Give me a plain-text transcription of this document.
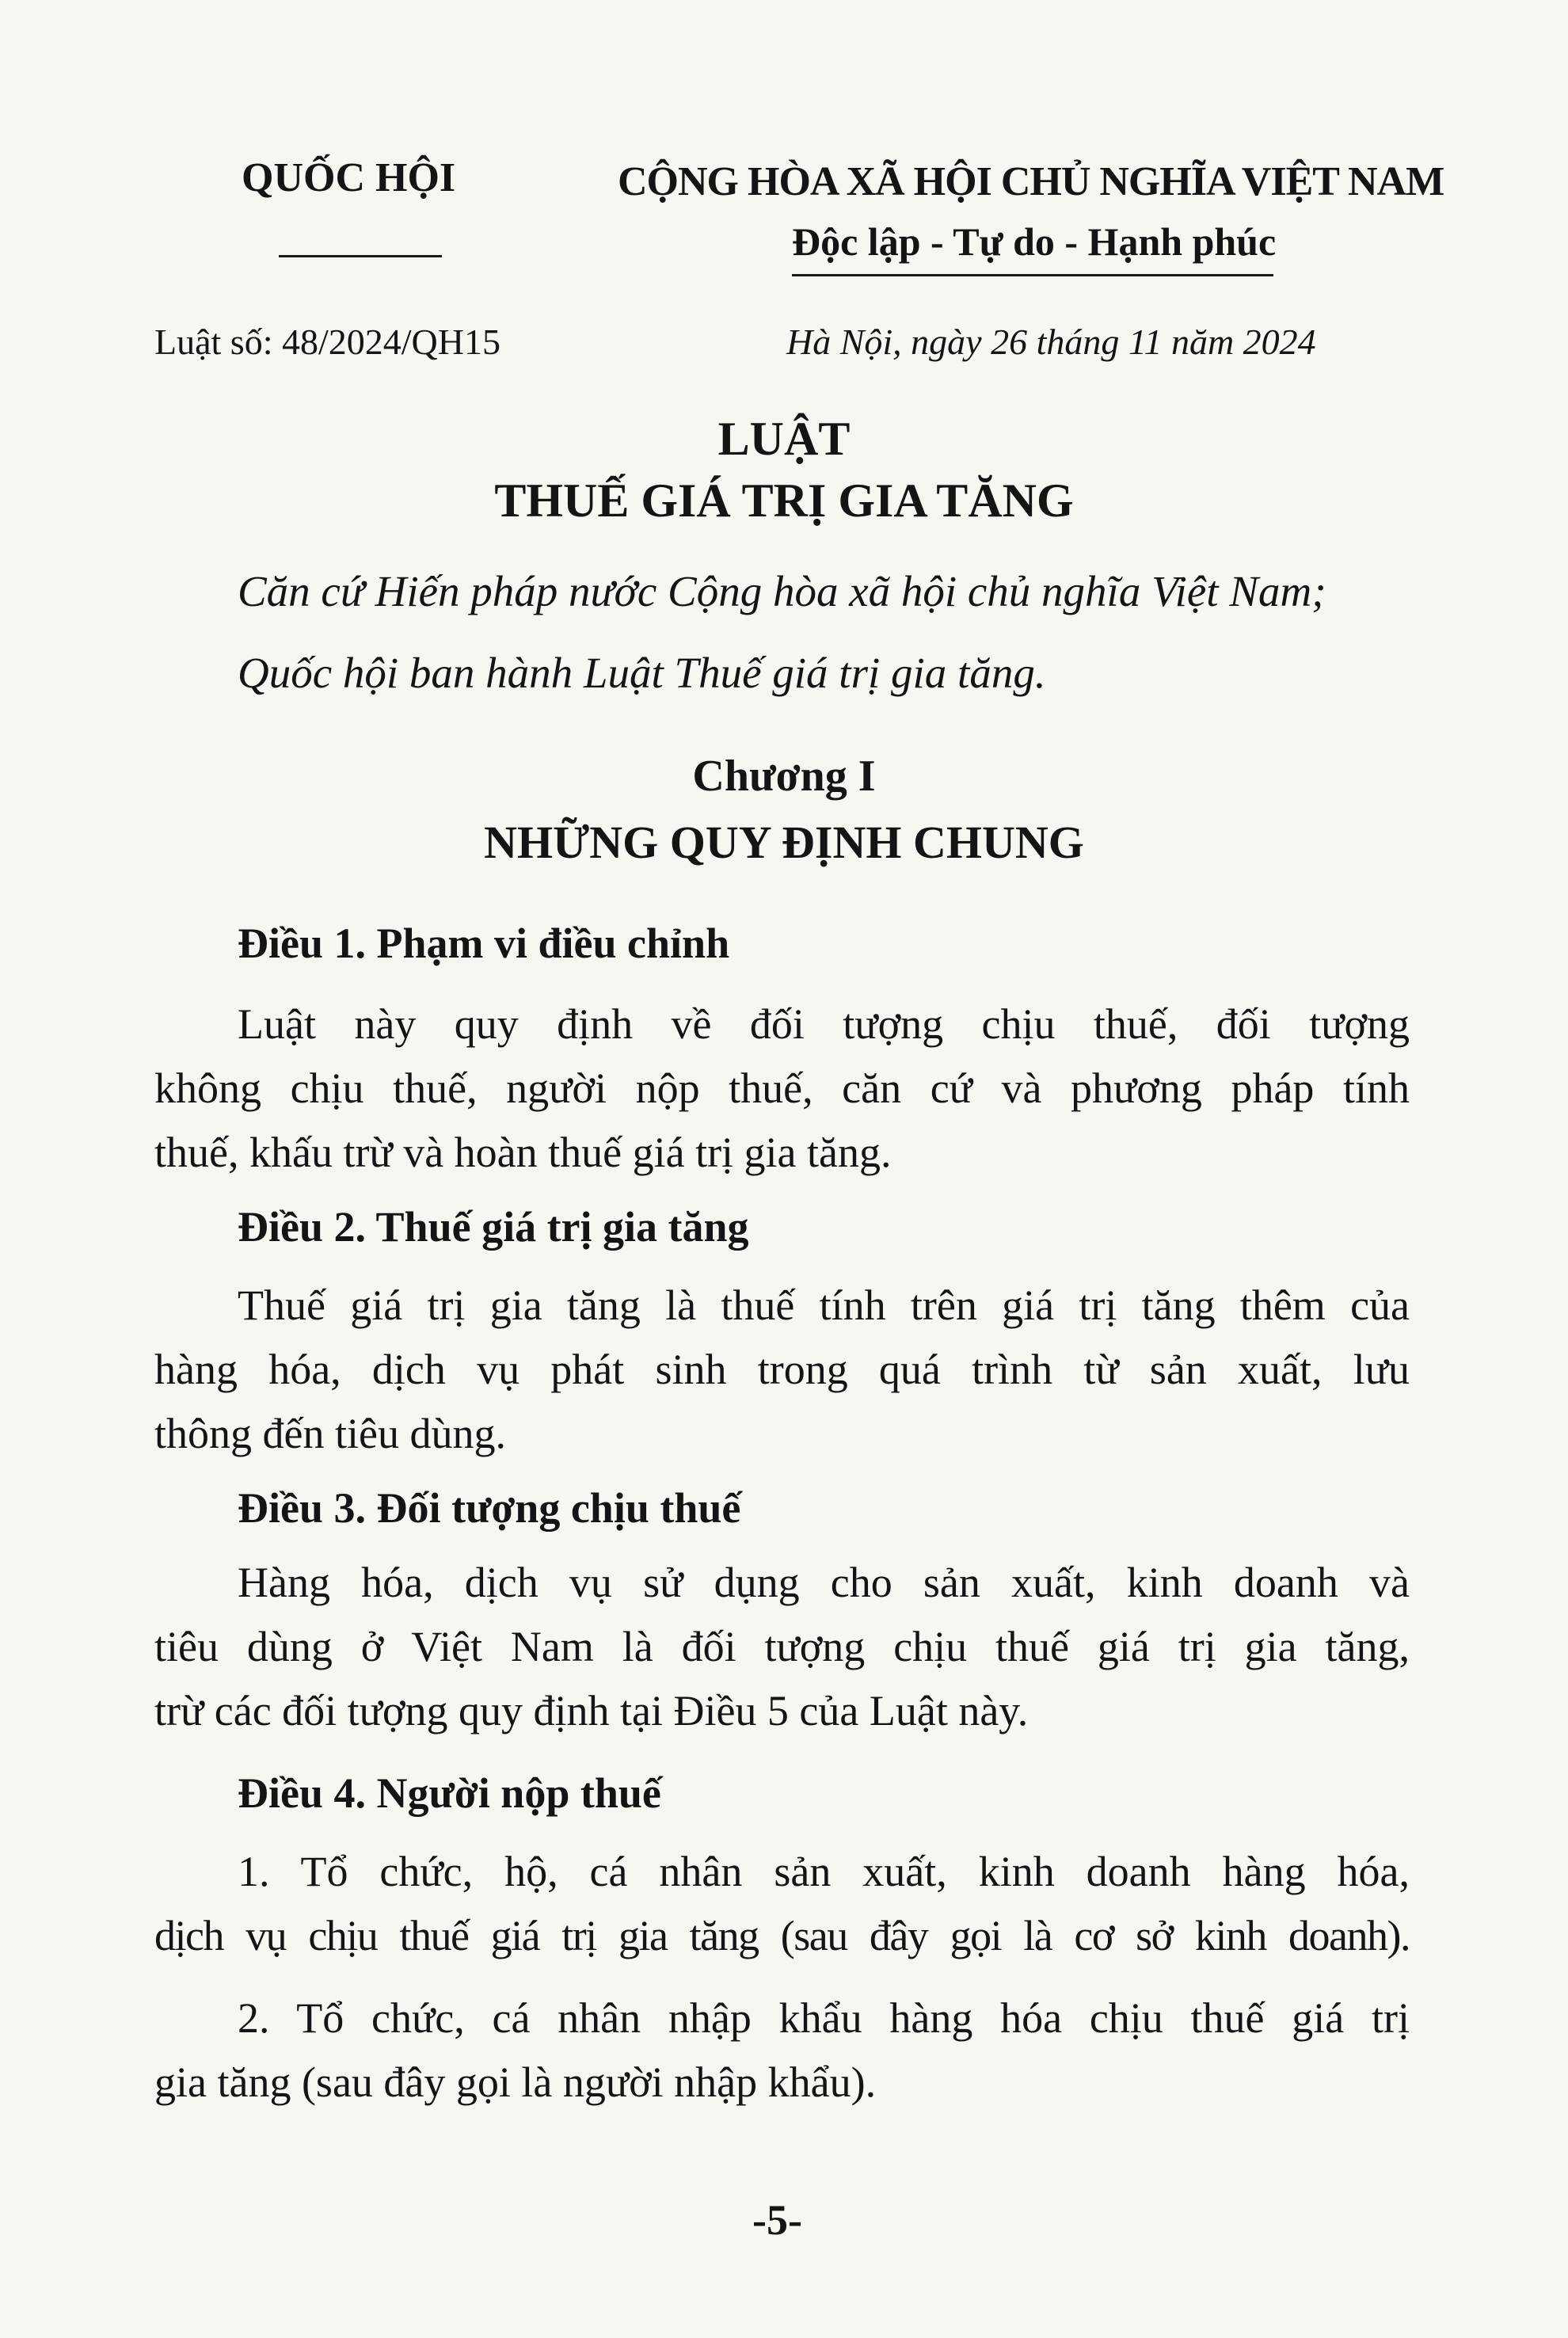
QUỐC HỘI	CỘNG HÒA XÃ HỘI CHỦ NGHĨA VIỆT NAM
Độc lập - Tự do - Hạnh phúc
Luật số: 48/2024/QH15	Hà Nội, ngày 26 tháng 11 năm 2024
LUẬT
THUẾ GIÁ TRỊ GIA TĂNG
Căn cứ Hiến pháp nước Cộng hòa xã hội chủ nghĩa Việt Nam;
Quốc hội ban hành Luật Thuế giá trị gia tăng.
Chương I
NHỮNG QUY ĐỊNH CHUNG
Điều 1. Phạm vi điều chỉnh
Luật này quy định về đối tượng chịu thuế, đối tượng
không chịu thuế, người nộp thuế, căn cứ và phương pháp tính
thuế, khấu trừ và hoàn thuế giá trị gia tăng.
Điều 2. Thuế giá trị gia tăng
Thuế giá trị gia tăng là thuế tính trên giá trị tăng thêm của
hàng hóa, dịch vụ phát sinh trong quá trình từ sản xuất, lưu
thông đến tiêu dùng.
Điều 3. Đối tượng chịu thuế
Hàng hóa, dịch vụ sử dụng cho sản xuất, kinh doanh và
tiêu dùng ở Việt Nam là đối tượng chịu thuế giá trị gia tăng,
trừ các đối tượng quy định tại Điều 5 của Luật này.
Điều 4. Người nộp thuế
1. Tổ chức, hộ, cá nhân sản xuất, kinh doanh hàng hóa,
dịch vụ chịu thuế giá trị gia tăng (sau đây gọi là cơ sở kinh doanh).
2. Tổ chức, cá nhân nhập khẩu hàng hóa chịu thuế giá trị
gia tăng (sau đây gọi là người nhập khẩu).
-5-
